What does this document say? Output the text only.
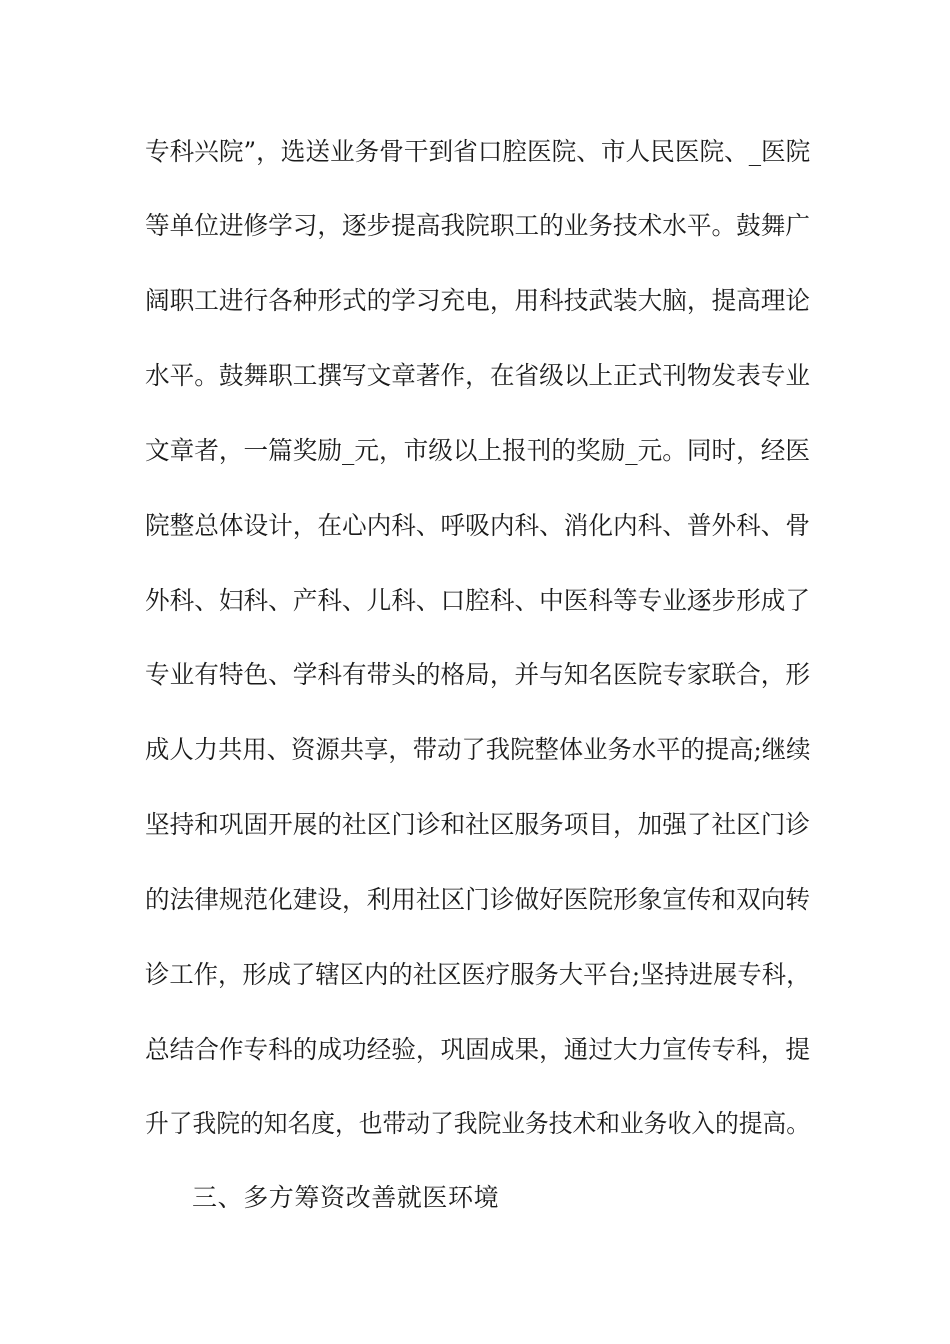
专科兴院”，选送业务骨干到省口腔医院、市人民医院、_医院
等单位进修学习，逐步提高我院职工的业务技术水平。鼓舞广
阔职工进行各种形式的学习充电，用科技武装大脑，提高理论
水平。鼓舞职工撰写文章著作，在省级以上正式刊物发表专业
文章者，一篇奖励_元，市级以上报刊的奖励_元。同时，经医
院整总体设计，在心内科、呼吸内科、消化内科、普外科、骨
外科、妇科、产科、儿科、口腔科、中医科等专业逐步形成了
专业有特色、学科有带头的格局，并与知名医院专家联合，形
成人力共用、资源共享，带动了我院整体业务水平的提高;继续
坚持和巩固开展的社区门诊和社区服务项目，加强了社区门诊
的法律规范化建设，利用社区门诊做好医院形象宣传和双向转
诊工作，形成了辖区内的社区医疗服务大平台;坚持进展专科，
总结合作专科的成功经验，巩固成果，通过大力宣传专科，提
升了我院的知名度，也带动了我院业务技术和业务收入的提高。
三、多方筹资改善就医环境
